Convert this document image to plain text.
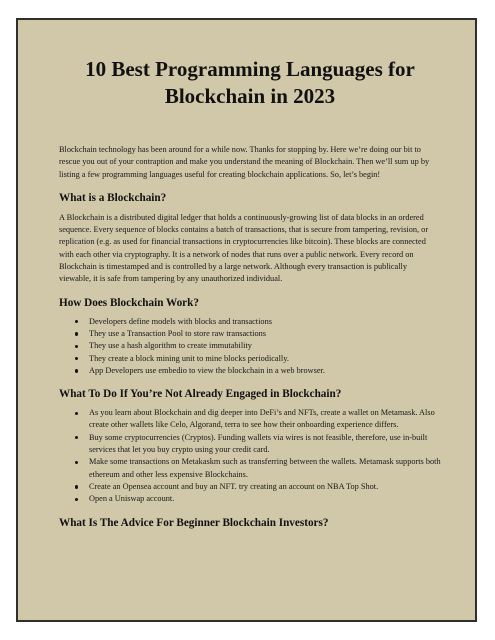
10 Best Programming Languages for Blockchain in 2023

Blockchain technology has been around for a while now. Thanks for stopping by. Here we’re doing our bit to rescue you out of your contraption and make you understand the meaning of Blockchain. Then we’ll sum up by listing a few programming languages useful for creating blockchain applications. So, let’s begin!

What is a Blockchain?

A Blockchain is a distributed digital ledger that holds a continuously-growing list of data blocks in an ordered sequence. Every sequence of blocks contains a batch of transactions, that is secure from tampering, revision, or replication (e.g. as used for financial transactions in cryptocurrencies like bitcoin). These blocks are connected with each other via cryptography. It is a network of nodes that runs over a public network. Every record on Blockchain is timestamped and is controlled by a large network. Although every transaction is publically viewable, it is safe from tampering by any unauthorized individual.

How Does Blockchain Work?
Developers define models with blocks and transactions
They use a Transaction Pool to store raw transactions
They use a hash algorithm to create immutability
They create a block mining unit to mine blocks periodically.
App Developers use embedio to view the blockchain in a web browser.
What To Do If You’re Not Already Engaged in Blockchain?
As you learn about Blockchain and dig deeper into DeFi’s and NFTs, create a wallet on Metamask. Also create other wallets like Celo, Algorand, terra to see how their onboarding experience differs.
Buy some cryptocurrencies (Cryptos). Funding wallets via wires is not feasible, therefore, use in-built services that let you buy crypto using your credit card.
Make some transactions on Metakaskm such as transferring between the wallets. Metamask supports both ethereum and other less expensive Blockchains.
Create an Opensea account and buy an NFT. try creating an account on NBA Top Shot.
Open a Uniswap account.
What Is The Advice For Beginner Blockchain Investors?
